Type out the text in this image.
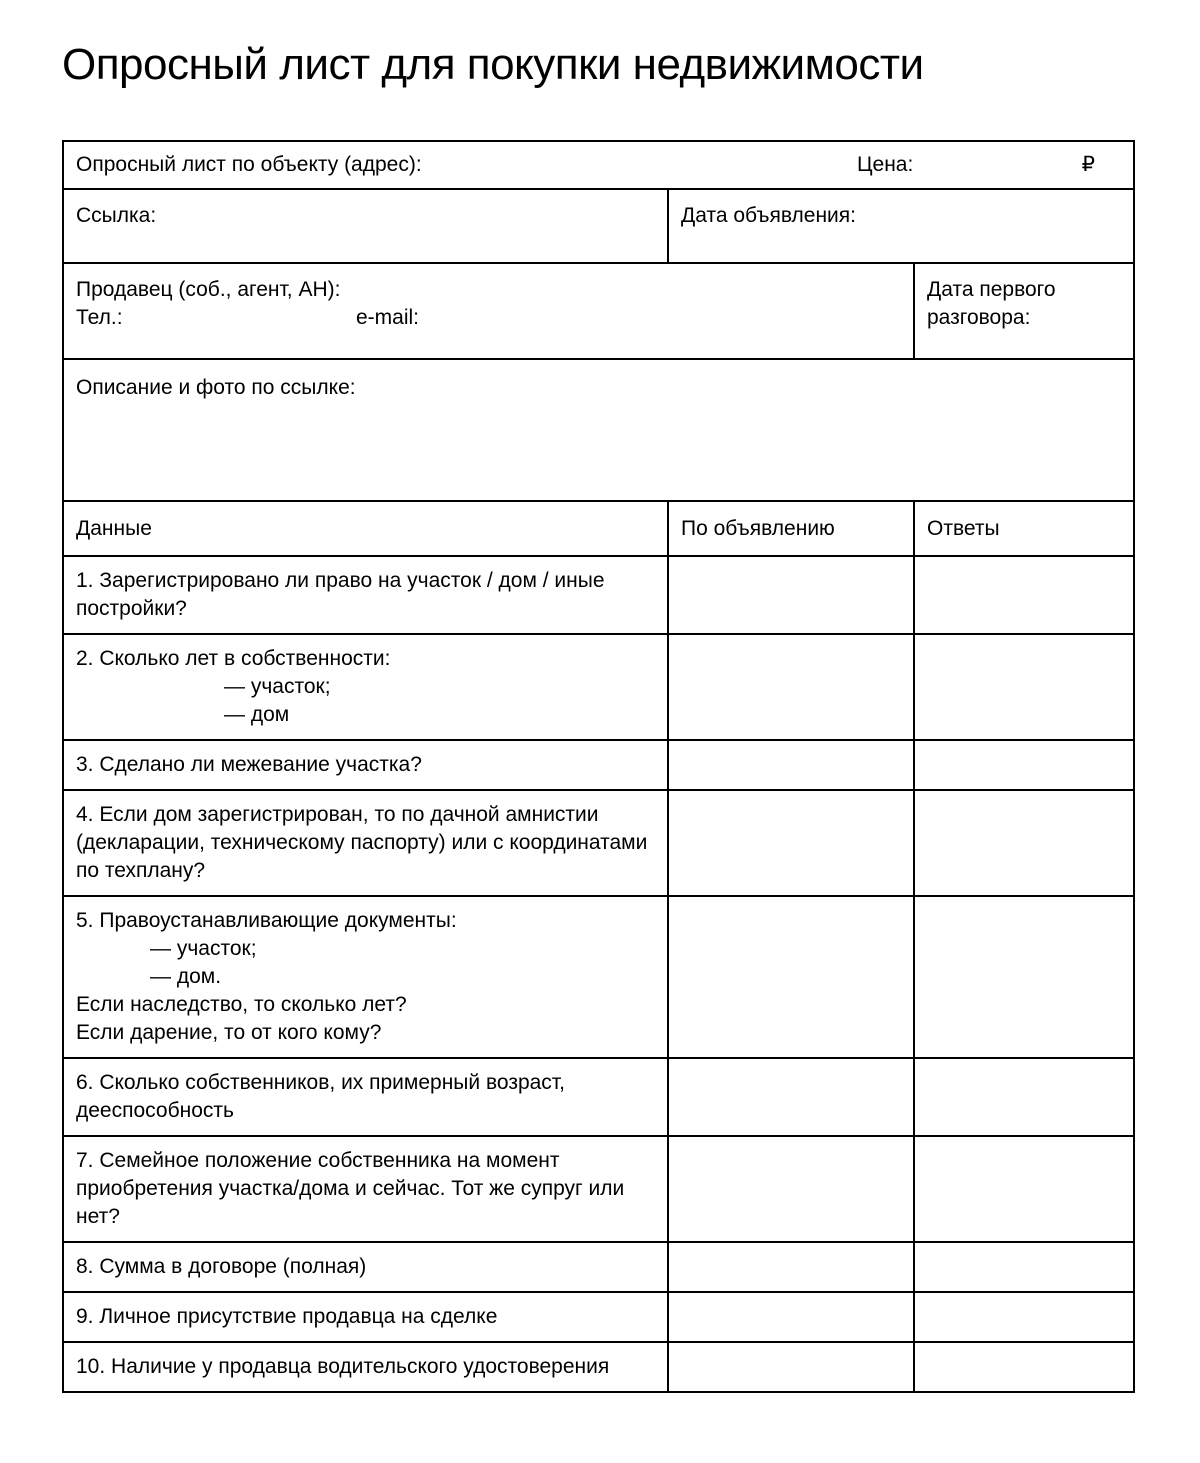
Опросный лист для покупки недвижимости
Опросный лист по объекту (адрес): Цена: ₽		

Ссылка:	Дата объявления:	

Продавец (соб., агент, АН):
Тел.: e-mail:		Дата первого разговора:
Описание и фото по ссылке:		
Данные	По объявлению	Ответы

1. Зарегистрировано ли право на участок / дом / иные постройки?		

2. Сколько лет в собственности:
— участок;
— дом		

3. Сделано ли межевание участка?		

4. Если дом зарегистрирован, то по дачной амнистии (декларации, техническому паспорту) или с координатами по техплану?		

5. Правоустанавливающие документы:
— участок;
— дом.
Если наследство, то сколько лет?
Если дарение, то от кого кому?		

6. Сколько собственников, их примерный возраст, дееспособность		

7. Семейное положение собственника на момент приобретения участка/дома и сейчас. Тот же супруг или нет?		

8. Сумма в договоре (полная)		

9. Личное присутствие продавца на сделке		

10. Наличие у продавца водительского удостоверения		
